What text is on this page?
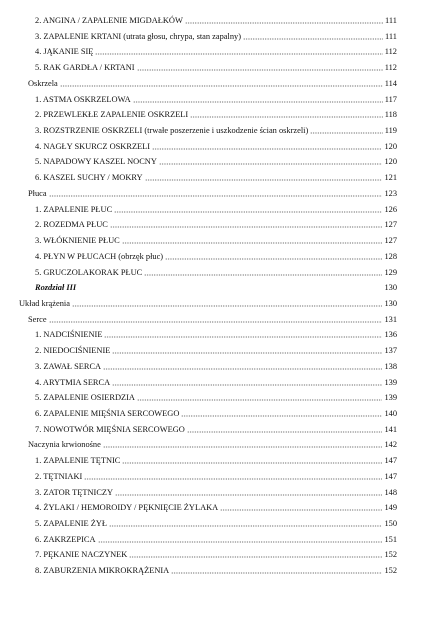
2. ANGINA / ZAPALENIE MIGDAŁKÓW	111
3. ZAPALENIE KRTANI (utrata głosu, chrypa, stan zapalny)	111
4. JĄKANIE SIĘ	112
5. RAK GARDŁA / KRTANI	112
Oskrzela	114
1. ASTMA OSKRZELOWA	117
2. PRZEWLEKŁE ZAPALENIE OSKRZELI	118
3. ROZSTRZENIE OSKRZELI (trwałe poszerzenie i uszkodzenie ścian oskrzeli)	119
4. NAGŁY SKURCZ OSKRZELI	120
5. NAPADOWY KASZEL NOCNY	120
6. KASZEL SUCHY / MOKRY	121
Płuca	123
1. ZAPALENIE PŁUC	126
2. ROZEDMA PŁUC	127
3. WŁÓKNIENIE PŁUC	127
4. PŁYN W PŁUCACH (obrzęk płuc)	128
5. GRUCZOLAKORAK PŁUC	129
Rozdział III	130
Układ krążenia	130
Serce	131
1. NADCIŚNIENIE	136
2. NIEDOCIŚNIENIE	137
3. ZAWAŁ SERCA	138
4. ARYTMIA SERCA	139
5. ZAPALENIE OSIERDZIA	139
6. ZAPALENIE MIĘŚNIA SERCOWEGO	140
7. NOWOTWÓR MIĘŚNIA SERCOWEGO	141
Naczynia krwionośne	142
1. ZAPALENIE TĘTNIC	147
2. TĘTNIAKI	147
3. ZATOR TĘTNICZY	148
4. ŻYLAKI / HEMOROIDY / PĘKNIĘCIE ŻYLAKA	149
5. ZAPALENIE ŻYŁ	150
6. ZAKRZEPICA	151
7. PĘKANIE NACZYNEK	152
8. ZABURZENIA MIKROKRĄŻENIA	152
